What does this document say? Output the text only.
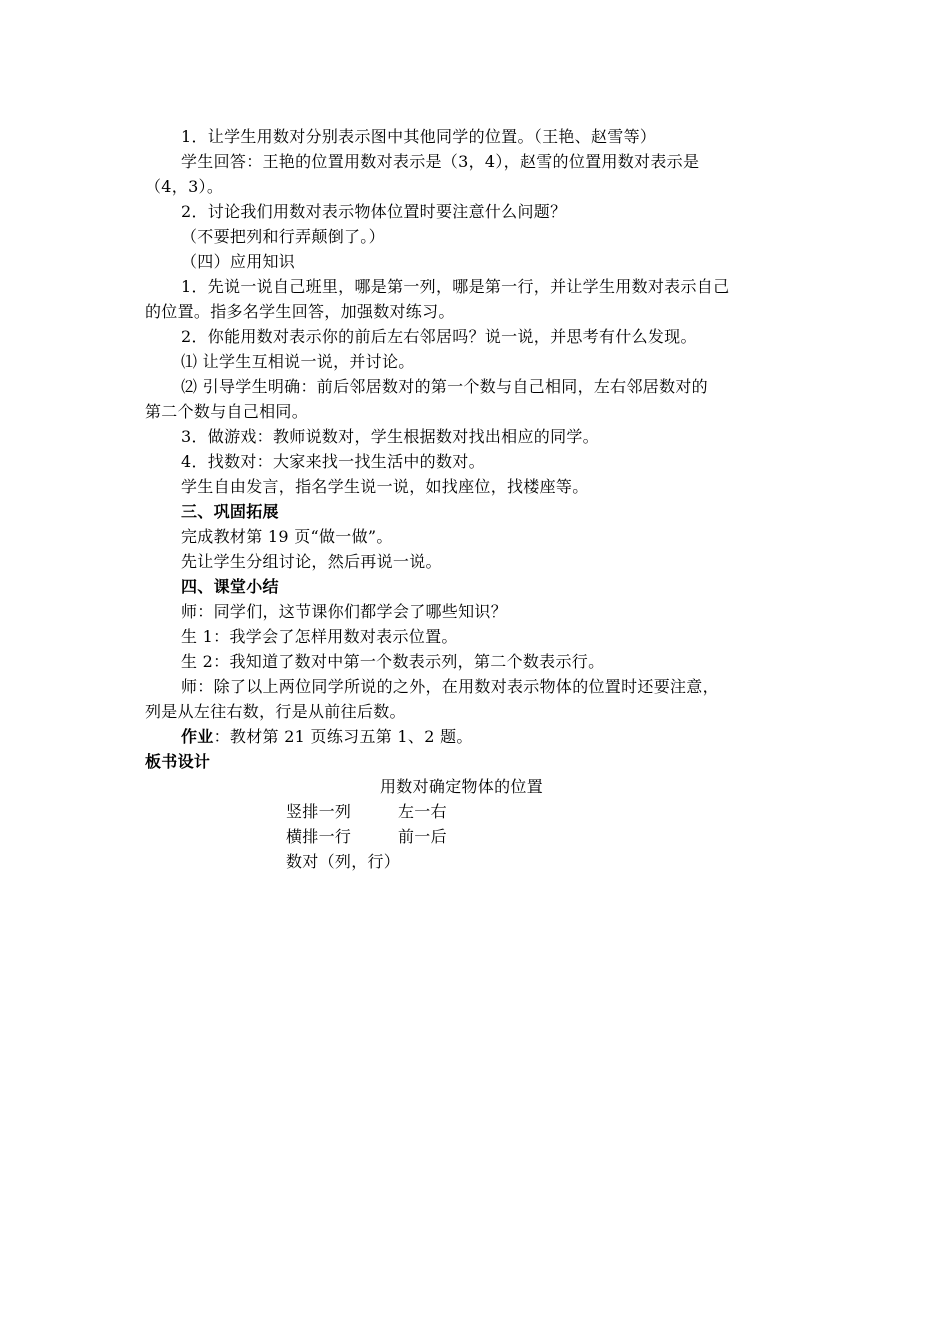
1．让学生用数对分别表示图中其他同学的位置。（王艳、赵雪等）

学生回答：王艳的位置用数对表示是（3，4），赵雪的位置用数对表示是

（4，3）。

2．讨论我们用数对表示物体位置时要注意什么问题？

（不要把列和行弄颠倒了。）

（四）应用知识

1．先说一说自己班里，哪是第一列，哪是第一行，并让学生用数对表示自己

的位置。指多名学生回答，加强数对练习。

2．你能用数对表示你的前后左右邻居吗？说一说，并思考有什么发现。

⑴ 让学生互相说一说，并讨论。

⑵ 引导学生明确：前后邻居数对的第一个数与自己相同，左右邻居数对的

第二个数与自己相同。

3．做游戏：教师说数对，学生根据数对找出相应的同学。

4．找数对：大家来找一找生活中的数对。

学生自由发言，指名学生说一说，如找座位，找楼座等。

三、巩固拓展

完成教材第 19 页“做一做”。

先让学生分组讨论，然后再说一说。

四、课堂小结

师：同学们，这节课你们都学会了哪些知识？

生 1：我学会了怎样用数对表示位置。

生 2：我知道了数对中第一个数表示列，第二个数表示行。

师：除了以上两位同学所说的之外，在用数对表示物体的位置时还要注意，

列是从左往右数，行是从前往后数。

作业：教材第 21 页练习五第 1、2 题。

板书设计

用数对确定物体的位置
竖排一列	左一右
横排一行	前一后
数对（列，行）
